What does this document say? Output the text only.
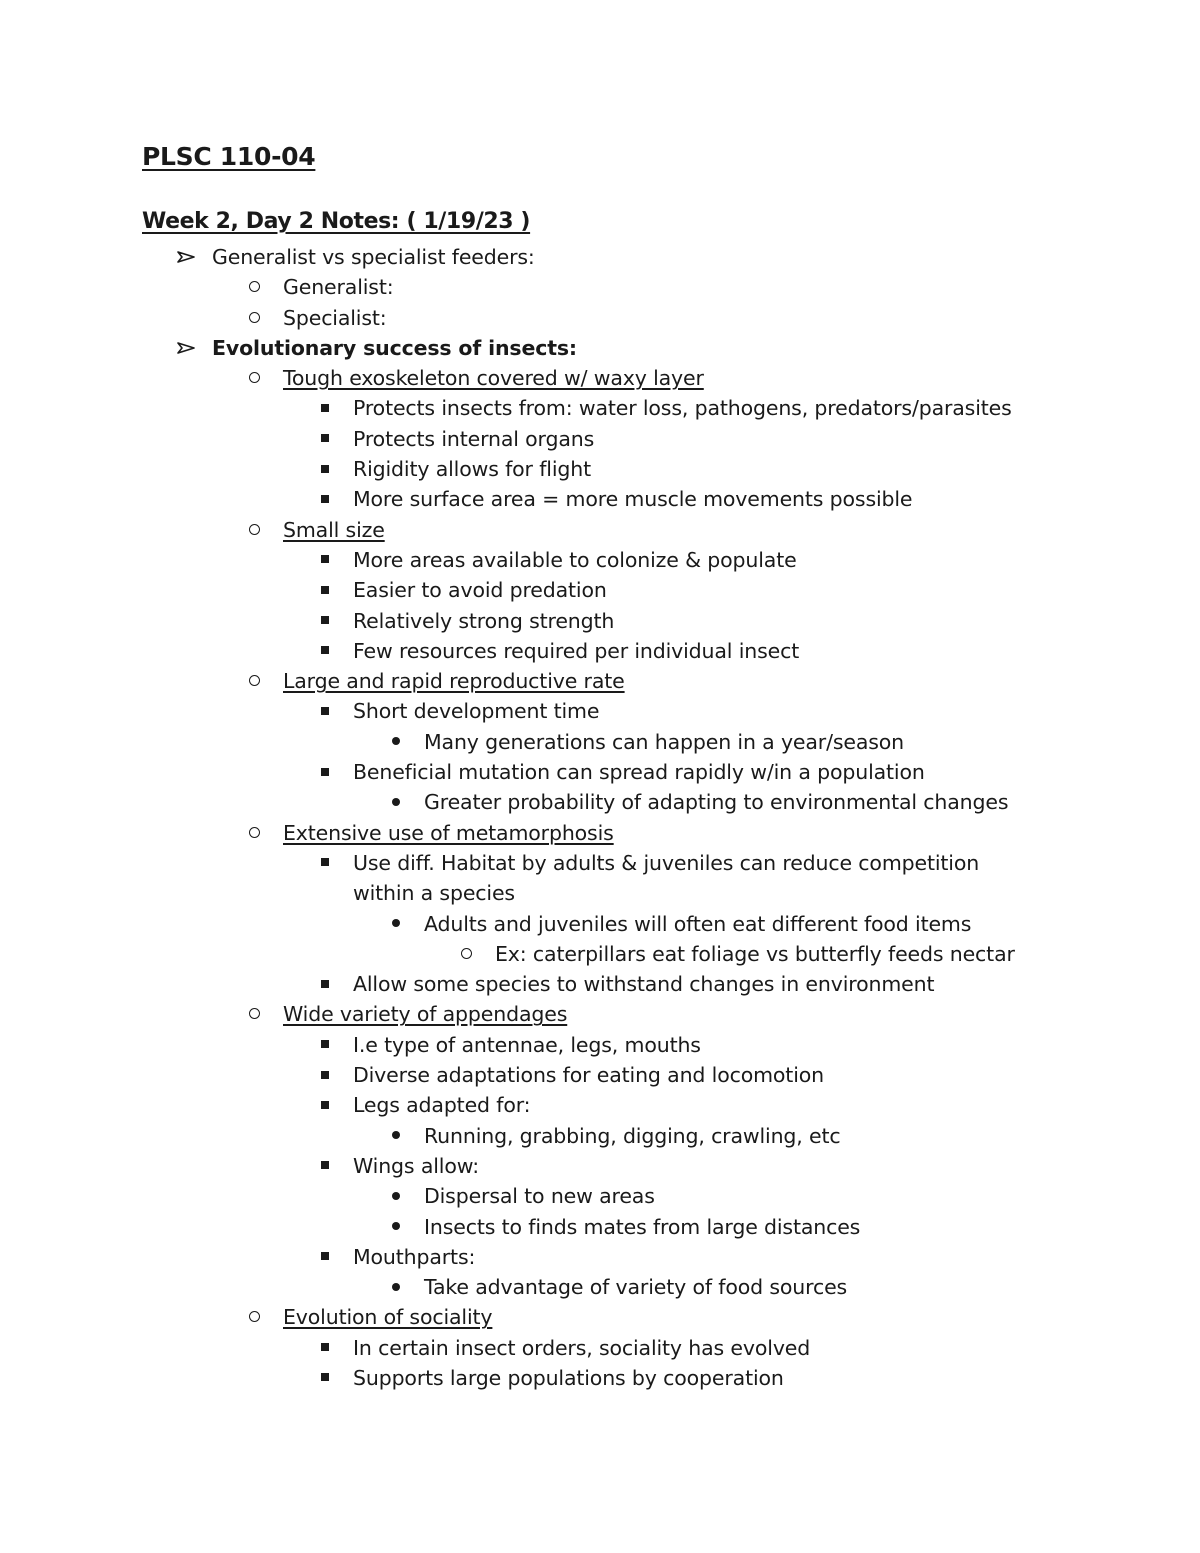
PLSC 110-04
Week 2, Day 2 Notes: ( 1/19/23 )
Generalist vs specialist feeders:
Generalist:
Specialist:
Evolutionary success of insects:
Tough exoskeleton covered w/ waxy layer
Protects insects from: water loss, pathogens, predators/parasites
Protects internal organs
Rigidity allows for flight
More surface area = more muscle movements possible
Small size
More areas available to colonize & populate
Easier to avoid predation
Relatively strong strength
Few resources required per individual insect
Large and rapid reproductive rate
Short development time
Many generations can happen in a year/season
Beneficial mutation can spread rapidly w/in a population
Greater probability of adapting to environmental changes
Extensive use of metamorphosis
Use diff. Habitat by adults & juveniles can reduce competition
within a species
Adults and juveniles will often eat different food items
Ex: caterpillars eat foliage vs butterfly feeds nectar
Allow some species to withstand changes in environment
Wide variety of appendages
I.e type of antennae, legs, mouths
Diverse adaptations for eating and locomotion
Legs adapted for:
Running, grabbing, digging, crawling, etc
Wings allow:
Dispersal to new areas
Insects to finds mates from large distances
Mouthparts:
Take advantage of variety of food sources
Evolution of sociality
In certain insect orders, sociality has evolved
Supports large populations by cooperation
